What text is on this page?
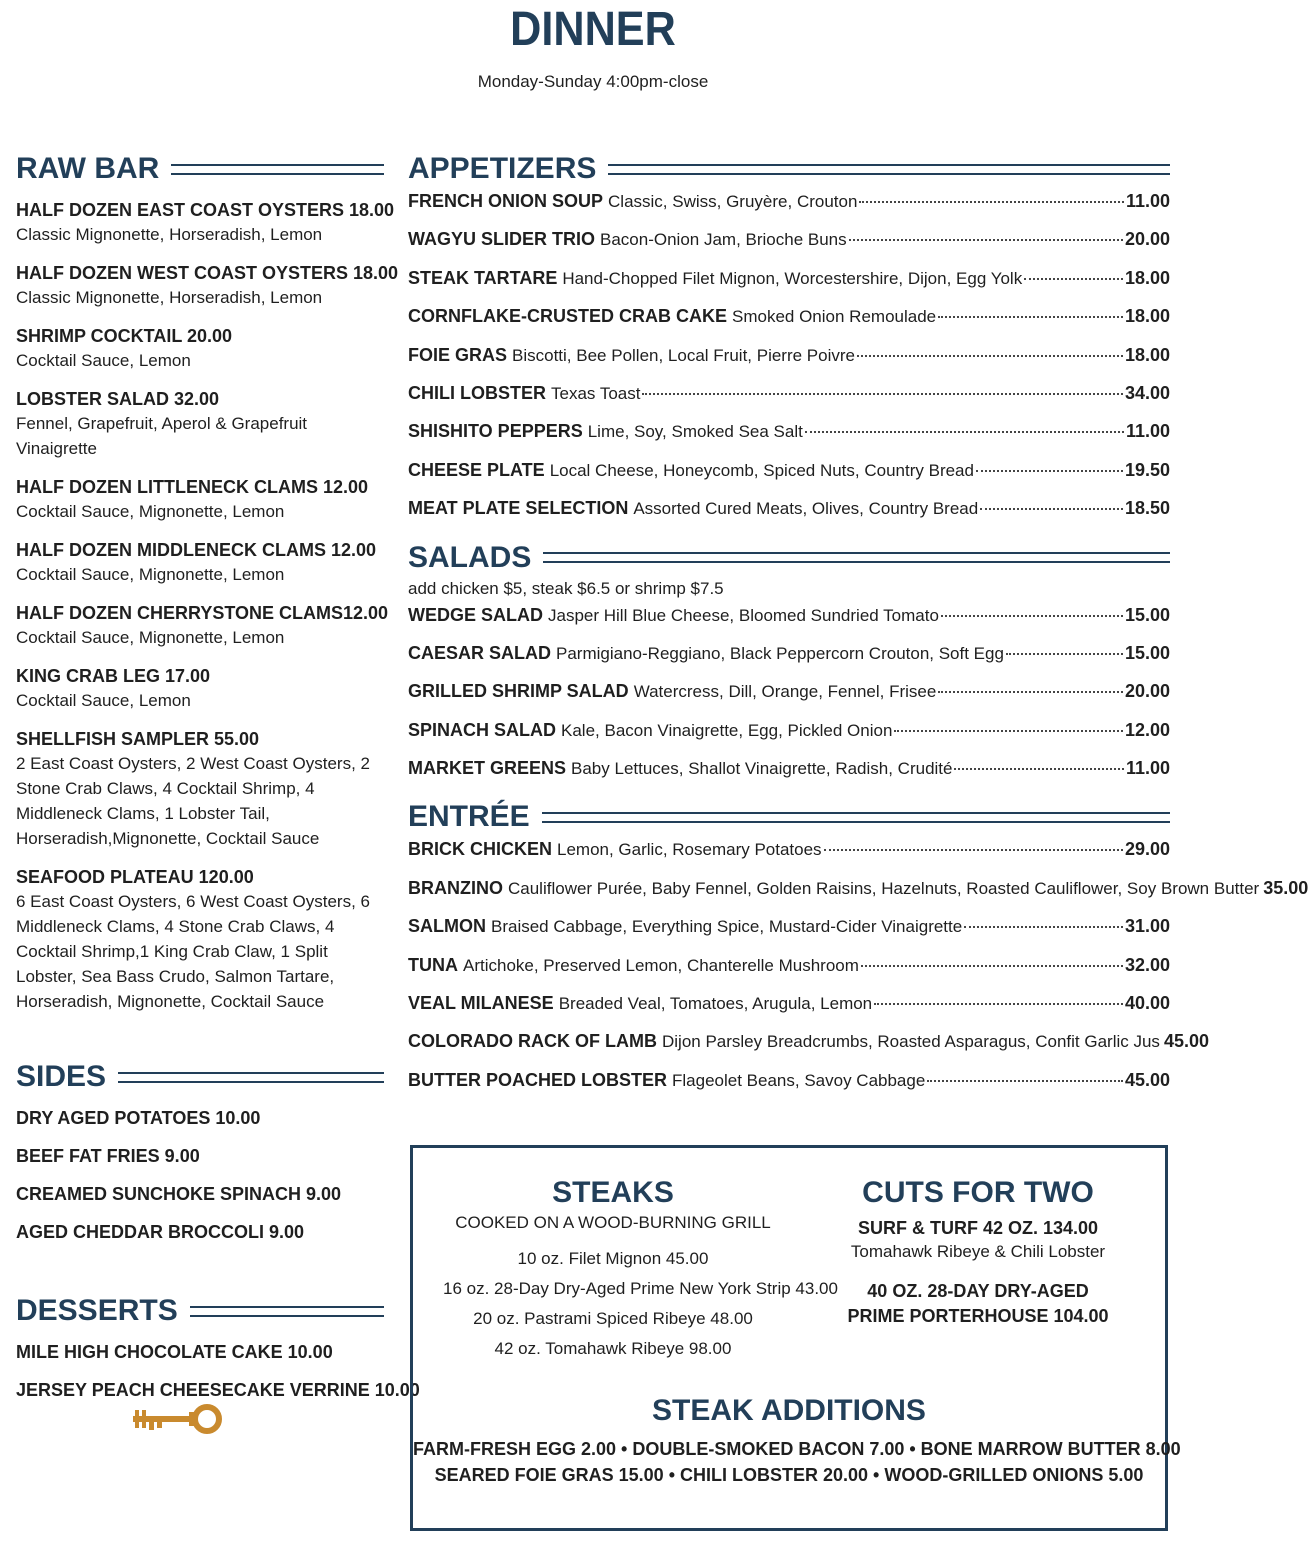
DINNER
Monday-Sunday 4:00pm-close
RAW BAR
HALF DOZEN EAST COAST OYSTERS 18.00
Classic Mignonette, Horseradish, Lemon
HALF DOZEN WEST COAST OYSTERS 18.00
Classic Mignonette, Horseradish, Lemon
SHRIMP COCKTAIL 20.00
Cocktail Sauce, Lemon
LOBSTER SALAD 32.00
Fennel, Grapefruit, Aperol & Grapefruit Vinaigrette
HALF DOZEN LITTLENECK CLAMS 12.00
Cocktail Sauce, Mignonette, Lemon
HALF DOZEN MIDDLENECK CLAMS 12.00
Cocktail Sauce, Mignonette, Lemon
HALF DOZEN CHERRYSTONE CLAMS12.00
Cocktail Sauce, Mignonette, Lemon
KING CRAB LEG 17.00
Cocktail Sauce, Lemon
SHELLFISH SAMPLER 55.00
2 East Coast Oysters, 2 West Coast Oysters, 2 Stone Crab Claws, 4 Cocktail Shrimp, 4 Middleneck Clams, 1 Lobster Tail, Horseradish,Mignonette, Cocktail Sauce
SEAFOOD PLATEAU 120.00
6 East Coast Oysters, 6 West Coast Oysters, 6 Middleneck Clams, 4 Stone Crab Claws, 4 Cocktail Shrimp,1 King Crab Claw, 1 Split Lobster, Sea Bass Crudo, Salmon Tartare, Horseradish, Mignonette, Cocktail Sauce
SIDES
DRY AGED POTATOES 10.00
BEEF FAT FRIES 9.00
CREAMED SUNCHOKE SPINACH 9.00
AGED CHEDDAR BROCCOLI 9.00
DESSERTS
MILE HIGH CHOCOLATE CAKE 10.00
JERSEY PEACH CHEESECAKE VERRINE 10.00
APPETIZERS
FRENCH ONION SOUP Classic, Swiss, Gruyère, Crouton	11.00
WAGYU SLIDER TRIO Bacon-Onion Jam, Brioche Buns	20.00
STEAK TARTARE Hand-Chopped Filet Mignon, Worcestershire, Dijon, Egg Yolk	18.00
CORNFLAKE-CRUSTED CRAB CAKE Smoked Onion Remoulade	18.00
FOIE GRAS Biscotti, Bee Pollen, Local Fruit, Pierre Poivre	18.00
CHILI LOBSTER Texas Toast	34.00
SHISHITO PEPPERS Lime, Soy, Smoked Sea Salt	11.00
CHEESE PLATE Local Cheese, Honeycomb, Spiced Nuts, Country Bread	19.50
MEAT PLATE SELECTION Assorted Cured Meats, Olives, Country Bread	18.50
SALADS
add chicken $5, steak $6.5 or shrimp $7.5
WEDGE SALAD Jasper Hill Blue Cheese, Bloomed Sundried Tomato	15.00
CAESAR SALAD Parmigiano-Reggiano, Black Peppercorn Crouton, Soft Egg	15.00
GRILLED SHRIMP SALAD Watercress, Dill, Orange, Fennel, Frisee	20.00
SPINACH SALAD Kale, Bacon Vinaigrette, Egg, Pickled Onion	12.00
MARKET GREENS Baby Lettuces, Shallot Vinaigrette, Radish, Crudité	11.00
ENTRÉE
BRICK CHICKEN Lemon, Garlic, Rosemary Potatoes	29.00
BRANZINO Cauliflower Purée, Baby Fennel, Golden Raisins, Hazelnuts, Roasted Cauliflower, Soy Brown Butter 35.00
SALMON Braised Cabbage, Everything Spice, Mustard-Cider Vinaigrette	31.00
TUNA Artichoke, Preserved Lemon, Chanterelle Mushroom	32.00
VEAL MILANESE Breaded Veal, Tomatoes, Arugula, Lemon	40.00
COLORADO RACK OF LAMB Dijon Parsley Breadcrumbs, Roasted Asparagus, Confit Garlic Jus 45.00
BUTTER POACHED LOBSTER Flageolet Beans, Savoy Cabbage	45.00
STEAKS
COOKED ON A WOOD-BURNING GRILL
10 oz. Filet Mignon 45.00
16 oz. 28-Day Dry-Aged Prime New York Strip 43.00
20 oz. Pastrami Spiced Ribeye 48.00
42 oz. Tomahawk Ribeye 98.00
CUTS FOR TWO
SURF & TURF 42 OZ. 134.00
Tomahawk Ribeye & Chili Lobster
40 OZ. 28-DAY DRY-AGED
PRIME PORTERHOUSE 104.00
STEAK ADDITIONS
FARM-FRESH EGG 2.00 • DOUBLE-SMOKED BACON 7.00 • BONE MARROW BUTTER 8.00
SEARED FOIE GRAS 15.00 • CHILI LOBSTER 20.00 • WOOD-GRILLED ONIONS 5.00
